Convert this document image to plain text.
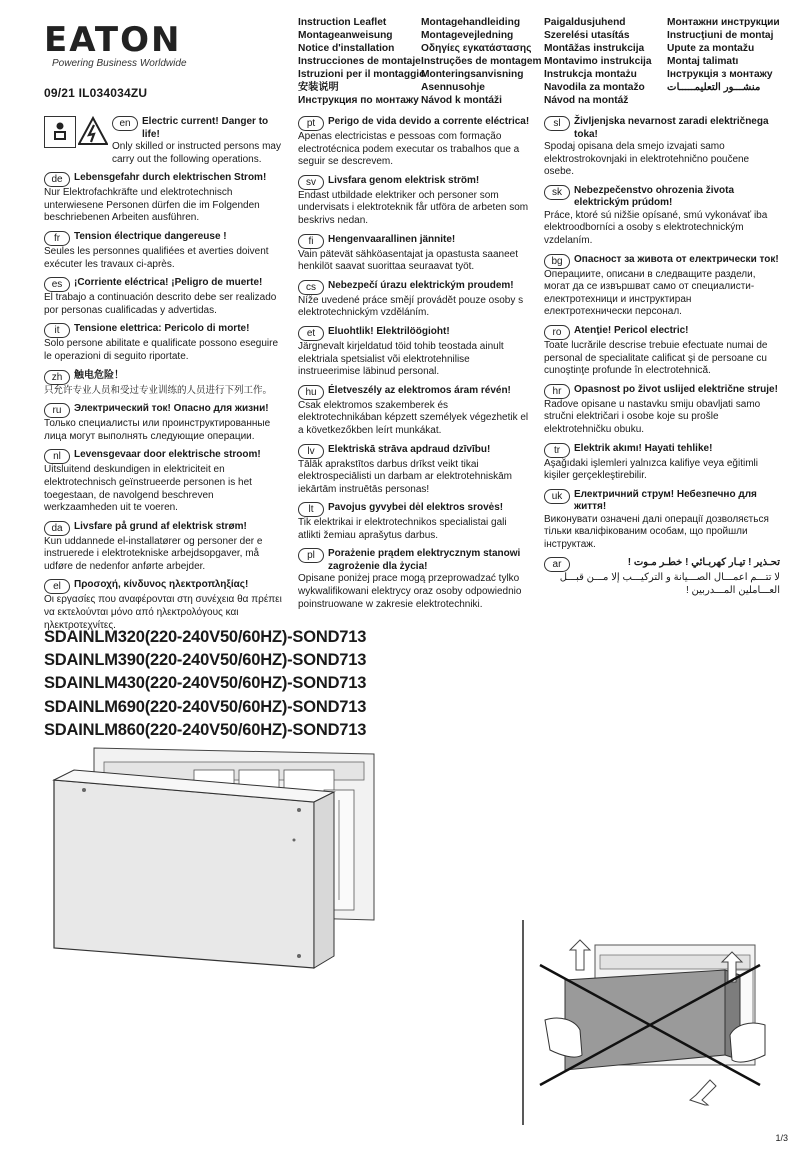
EATON
Powering Business Worldwide
09/21 IL034034ZU
Instruction Leaflet
Montageanweisung
Notice d'installation
Instrucciones de montaje
Istruzioni per il montaggio
安装说明
Инструкция по монтажу
Montagehandleiding
Montagevejledning
Οδηγίες εγκατάστασης
Instruções de montagem
Monteringsanvisning
Asennusohje
Návod k montáži
Paigaldusjuhend
Szerelési utasítás
Montāžas instrukcija
Montavimo instrukcija
Instrukcja montażu
Navodila za montažo
Návod na montáž
Монтажни инструкции
Instrucţiuni de montaj
Upute za montažu
Montaj talimatı
Інструкція з монтажу
منشـــور التعليمـــــات
en	Electric current! Danger to life!
Only skilled or instructed persons may carry out the following operations.
de	Lebensgefahr durch elektrischen Strom!
Nur Elektrofachkräfte und elektrotechnisch unterwiesene Personen dürfen die im Folgenden beschriebenen Arbeiten ausführen.
fr	Tension électrique dangereuse !
Seules les personnes qualifiées et averties doivent exécuter les travaux ci-après.
es	¡Corriente eléctrica! ¡Peligro de muerte!
El trabajo a continuación descrito debe ser realizado por personas cualificadas y advertidas.
it	Tensione elettrica: Pericolo di morte!
Solo persone abilitate e qualificate possono eseguire le operazioni di seguito riportate.
zh	触电危险！
只允许专业人员和受过专业训练的人员进行下列工作。
ru	Электрический ток! Опасно для жизни!
Только специалисты или проинструктированные лица могут выполнять следующие операции.
nl	Levensgevaar door elektrische stroom!
Uitsluitend deskundigen in elektriciteit en elektrotechnisch geïnstrueerde personen is het toegestaan, de navolgend beschreven werkzaamheden uit te voeren.
da	Livsfare på grund af elektrisk strøm!
Kun uddannede el-installatører og personer der e instruerede i elektrotekniske arbejdsopgaver, må udføre de nedenfor anførte arbejder.
el	Προσοχή, κίνδυνος ηλεκτροπληξίας!
Οι εργασίες που αναφέρονται στη συνέχεια θα πρέπει να εκτελούνται μόνο από ηλεκτρολόγους και ηλεκτροτεχνίτες.
pt	Perigo de vida devido a corrente eléctrica!
Apenas electricistas e pessoas com formação electrotécnica podem executar os trabalhos que a seguir se descrevem.
sv	Livsfara genom elektrisk ström!
Endast utbildade elektriker och personer som undervisats i elektroteknik får utföra de arbeten som beskrivs nedan.
fi	Hengenvaarallinen jännite!
Vain pätevät sähköasentajat ja opastusta saaneet henkilöt saavat suorittaa seuraavat työt.
cs	Nebezpečí úrazu elektrickým proudem!
Níže uvedené práce smějí provádět pouze osoby s elektrotechnickým vzděláním.
et	Eluohtlik! Elektrilöögioht!
Järgnevalt kirjeldatud töid tohib teostada ainult elektriala spetsialist või elektrotehnilise instrueerimise läbinud personal.
hu	Életveszély az elektromos áram révén!
Csak elektromos szakemberek és elektrotechnikában képzett személyek végezhetik el a következőkben leírt munkákat.
lv	Elektriskā strāva apdraud dzīvību!
Tālāk aprakstītos darbus drīkst veikt tikai elektrospeciālisti un darbam ar elektrotehniskām iekārtām instruētās personas!
lt	Pavojus gyvybei dėl elektros srovės!
Tik elektrikai ir elektrotechnikos specialistai gali atlikti žemiau aprašytus darbus.
pl	Porażenie prądem elektrycznym stanowi zagrożenie dla życia!
Opisane poniżej prace mogą przeprowadzać tylko wykwalifikowani elektrycy oraz osoby odpowiednio poinstruowane w zakresie elektrotechniki.
sl	Življenjska nevarnost zaradi električnega toka!
Spodaj opisana dela smejo izvajati samo elektrostrokovnjaki in elektrotehnično poučene osebe.
sk	Nebezpečenstvo ohrozenia života elektrickým prúdom!
Práce, ktoré sú nižšie opísané, smú vykonávať iba elektroodborníci a osoby s elektrotechnickým vzdelaním.
bg	Опасност за живота от електрически ток!
Операциите, описани в следващите раздели, могат да се извършват само от специалисти-електротехници и инструктиран електротехнически персонал.
ro	Atenţie! Pericol electric!
Toate lucrările descrise trebuie efectuate numai de personal de specialitate calificat şi de persoane cu cunoştinţe profunde în electrotehnică.
hr	Opasnost po život uslijed električne struje!
Radove opisane u nastavku smiju obavljati samo stručni električari i osobe koje su prošle elektrotehničku obuku.
tr	Elektrik akımı! Hayati tehlike!
Aşağıdaki işlemleri yalnızca kalifiye veya eğitimli kişiler gerçekleştirebilir.
uk	Електричний струм! Небезпечно для життя!
Виконувати означені далі операції дозволяється тільки кваліфікованим особам, що пройшли інструктаж.
ar	تحـذير ! تيـار كهربـائي ! خطـر مـوت !
لا تتـــم اعمـــال الصـــيانة و التركيـــب إلا مـــن قبـــل العـــاملين المـــدربين !
SDAINLM320(220-240V50/60HZ)-SOND713
SDAINLM390(220-240V50/60HZ)-SOND713
SDAINLM430(220-240V50/60HZ)-SOND713
SDAINLM690(220-240V50/60HZ)-SOND713
SDAINLM860(220-240V50/60HZ)-SOND713
1/3
